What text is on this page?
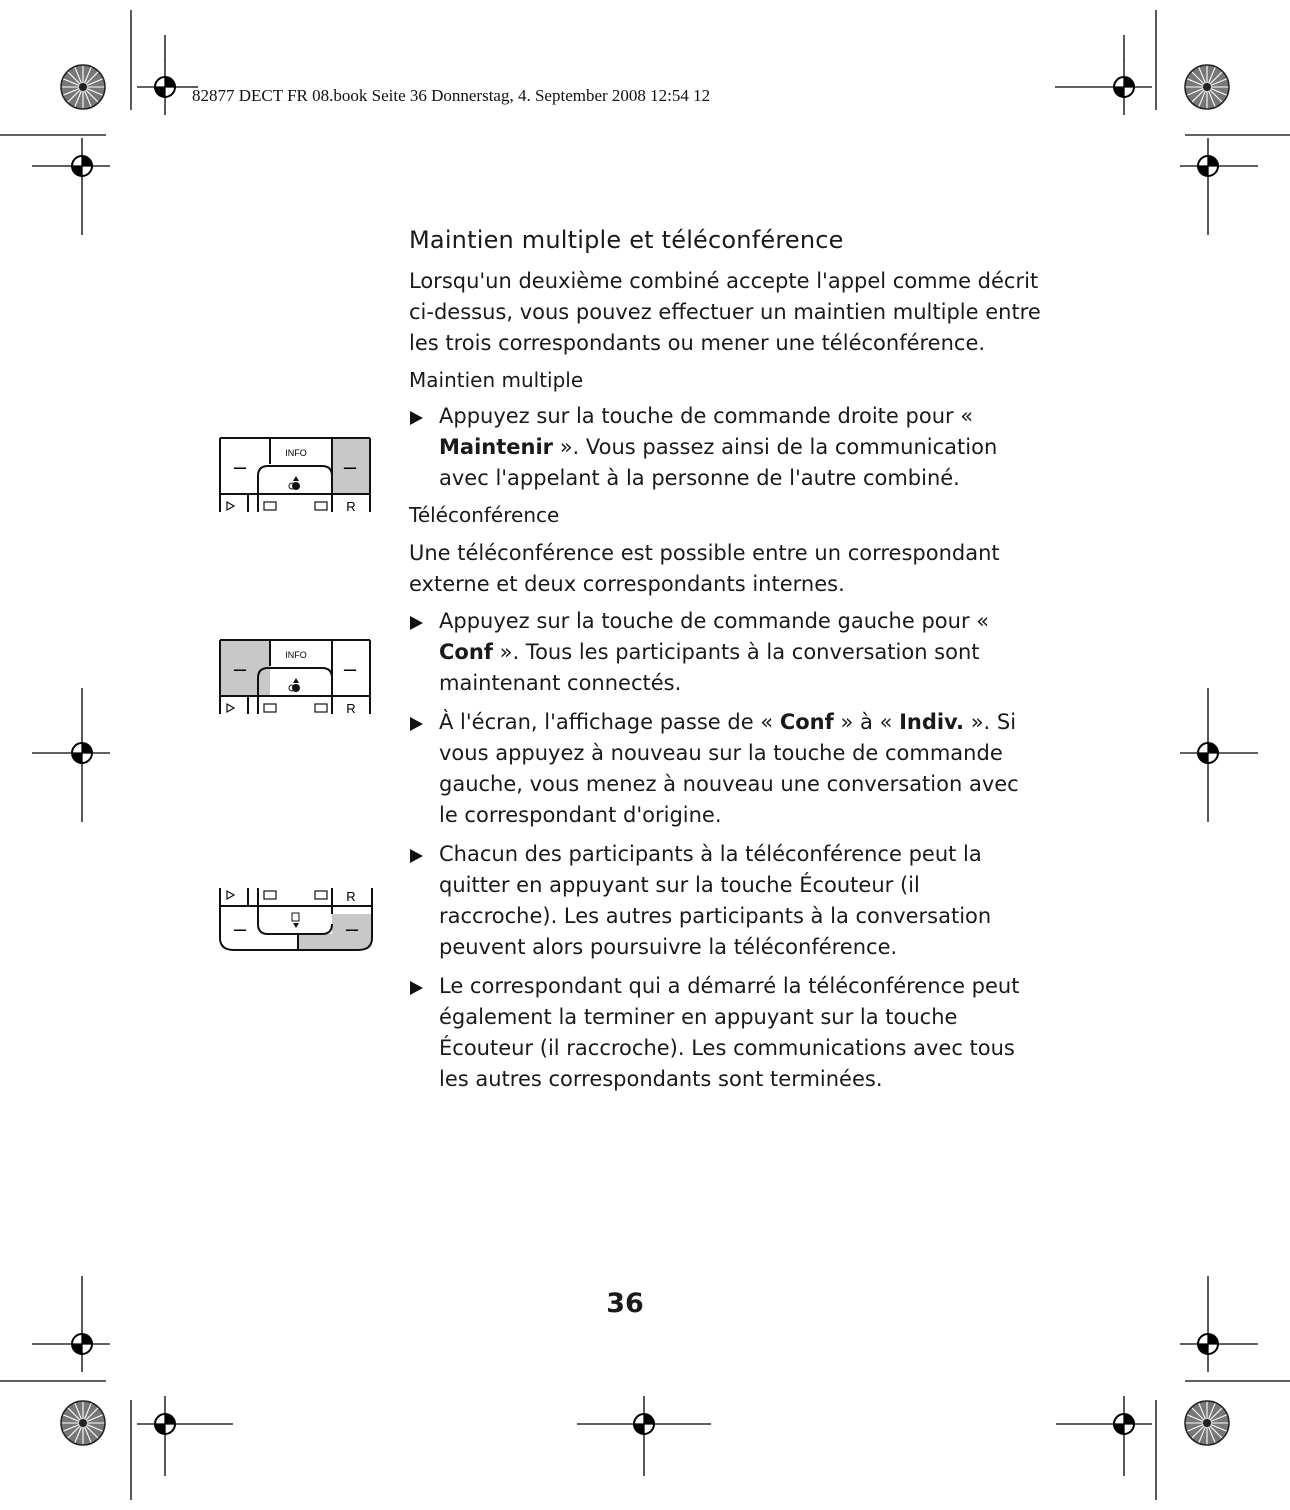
82877 DECT FR 08.book Seite 36 Donnerstag, 4. September 2008 12:54 12
INFO
–	–
R
INFO
–	–
R
R
–	–
Maintien multiple et téléconférence

Lorsqu'un deuxième combiné accepte l'appel comme décrit ci-dessus, vous pouvez effectuer un maintien multiple entre les trois correspondants ou mener une téléconférence.

Maintien multiple
Appuyez sur la touche de commande droite pour « Maintenir ». Vous passez ainsi de la communication avec l'appelant à la personne de l'autre combiné.
Téléconférence

Une téléconférence est possible entre un correspondant externe et deux correspondants internes.

Appuyez sur la touche de commande gauche pour « Conf ». Tous les participants à la conversation sont maintenant connectés.
À l'écran, l'affichage passe de « Conf » à « Indiv. ». Si vous appuyez à nouveau sur la touche de commande gauche, vous menez à nouveau une conversation avec le correspondant d'origine.
Chacun des participants à la téléconférence peut la quitter en appuyant sur la touche Écouteur (il raccroche). Les autres participants à la conversation peuvent alors poursuivre la téléconférence.
Le correspondant qui a démarré la téléconférence peut également la terminer en appuyant sur la touche Écouteur (il raccroche). Les communications avec tous les autres correspondants sont terminées.
36
